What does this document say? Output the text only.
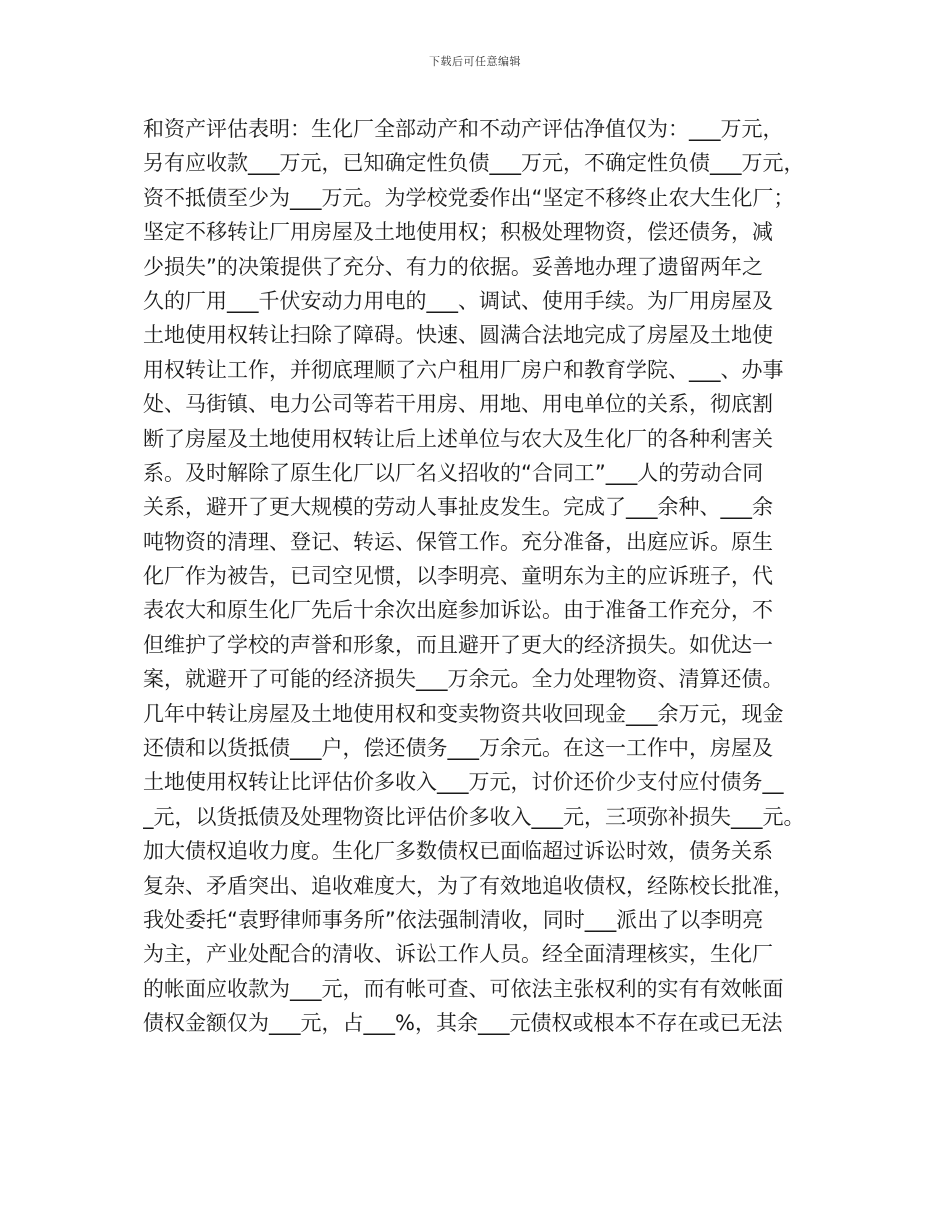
下载后可任意编辑
和资产评估表明：生化厂全部动产和不动产评估净值仅为：___万元，
另有应收款___万元，已知确定性负债___万元，不确定性负债___万元，
资不抵债至少为___万元。为学校党委作出“坚定不移终止农大生化厂；
坚定不移转让厂用房屋及土地使用权；积极处理物资，偿还债务，减
少损失”的决策提供了充分、有力的依据。妥善地办理了遗留两年之
久的厂用___千伏安动力用电的___、调试、使用手续。为厂用房屋及
土地使用权转让扫除了障碍。快速、圆满合法地完成了房屋及土地使
用权转让工作，并彻底理顺了六户租用厂房户和教育学院、___、办事
处、马街镇、电力公司等若干用房、用地、用电单位的关系，彻底割
断了房屋及土地使用权转让后上述单位与农大及生化厂的各种利害关
系。及时解除了原生化厂以厂名义招收的“合同工”___人的劳动合同
关系，避开了更大规模的劳动人事扯皮发生。完成了___余种、___余
吨物资的清理、登记、转运、保管工作。充分准备，出庭应诉。原生
化厂作为被告，已司空见惯，以李明亮、童明东为主的应诉班子，代
表农大和原生化厂先后十余次出庭参加诉讼。由于准备工作充分，不
但维护了学校的声誉和形象，而且避开了更大的经济损失。如优达一
案，就避开了可能的经济损失___万余元。全力处理物资、清算还债。
几年中转让房屋及土地使用权和变卖物资共收回现金___余万元，现金
还债和以货抵债___户，偿还债务___万余元。在这一工作中，房屋及
土地使用权转让比评估价多收入___万元，讨价还价少支付应付债务__
_元，以货抵债及处理物资比评估价多收入___元，三项弥补损失___元。
加大债权追收力度。生化厂多数债权已面临超过诉讼时效，债务关系
复杂、矛盾突出、追收难度大，为了有效地追收债权，经陈校长批准，
我处委托“袁野律师事务所”依法强制清收，同时___派出了以李明亮
为主，产业处配合的清收、诉讼工作人员。经全面清理核实，生化厂
的帐面应收款为___元，而有帐可查、可依法主张权利的实有有效帐面
债权金额仅为___元，占___%，其余___元债权或根本不存在或已无法
